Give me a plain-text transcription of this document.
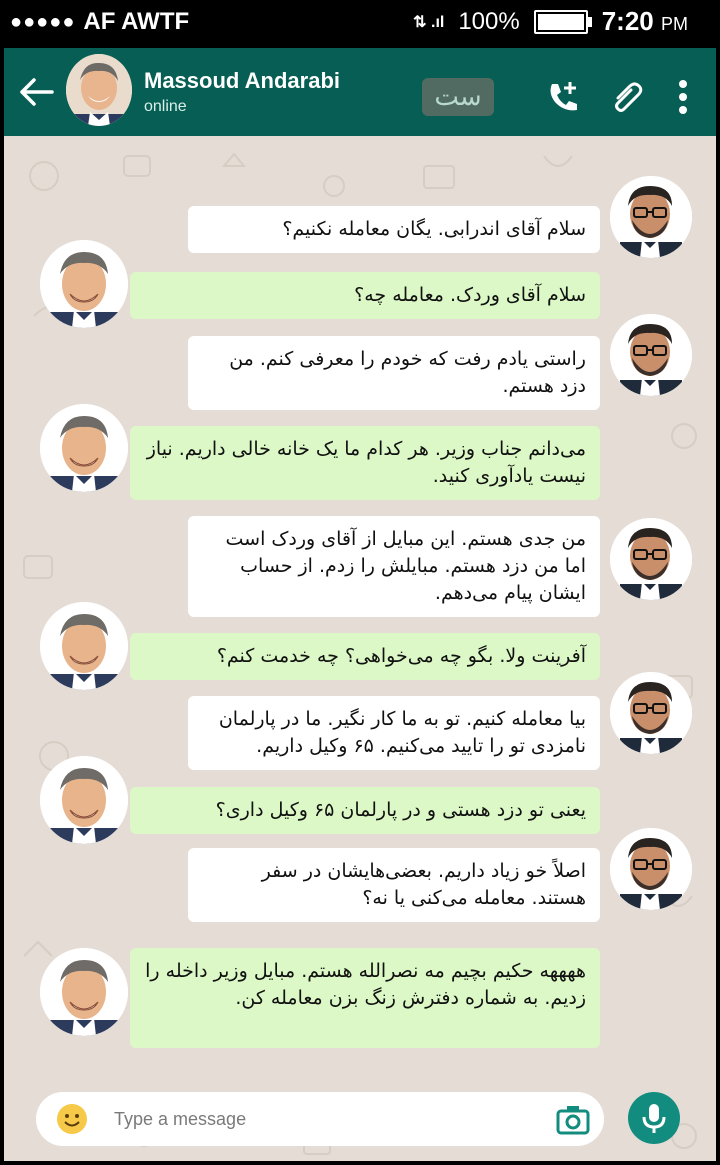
●●●●● AF AWTF	⇅ .ıl 100%	7:20 PM
Massoud Andarabi
online	ست
سلام آقای اندرابی. یگان معامله نکنیم؟
سلام آقای وردک. معامله چه؟
راستی یادم رفت که خودم را معرفی کنم. من دزد هستم.
می‌دانم جناب وزیر. هر کدام ما یک خانه خالی داریم. نیاز نیست یادآوری کنید.
من جدی هستم. این مبایل از آقای وردک است اما من دزد هستم. مبایلش را زدم. از حساب ایشان پیام می‌دهم.
آفرینت ولا. بگو چه می‌خواهی؟ چه خدمت کنم؟
بیا معامله کنیم. تو به ما کار نگیر. ما در پارلمان نامزدی تو را تایید می‌کنیم. ۶۵ وکیل داریم.
یعنی تو دزد هستی و در پارلمان ۶۵ وکیل داری؟
اصلاً خو زیاد داریم. بعضی‌هایشان در سفر هستند. معامله می‌کنی یا نه؟
ههههه حکیم بچیم مه نصرالله هستم. مبایل وزیر داخله را زدیم. به شماره دفترش زنگ بزن معامله کن.
Type a message
